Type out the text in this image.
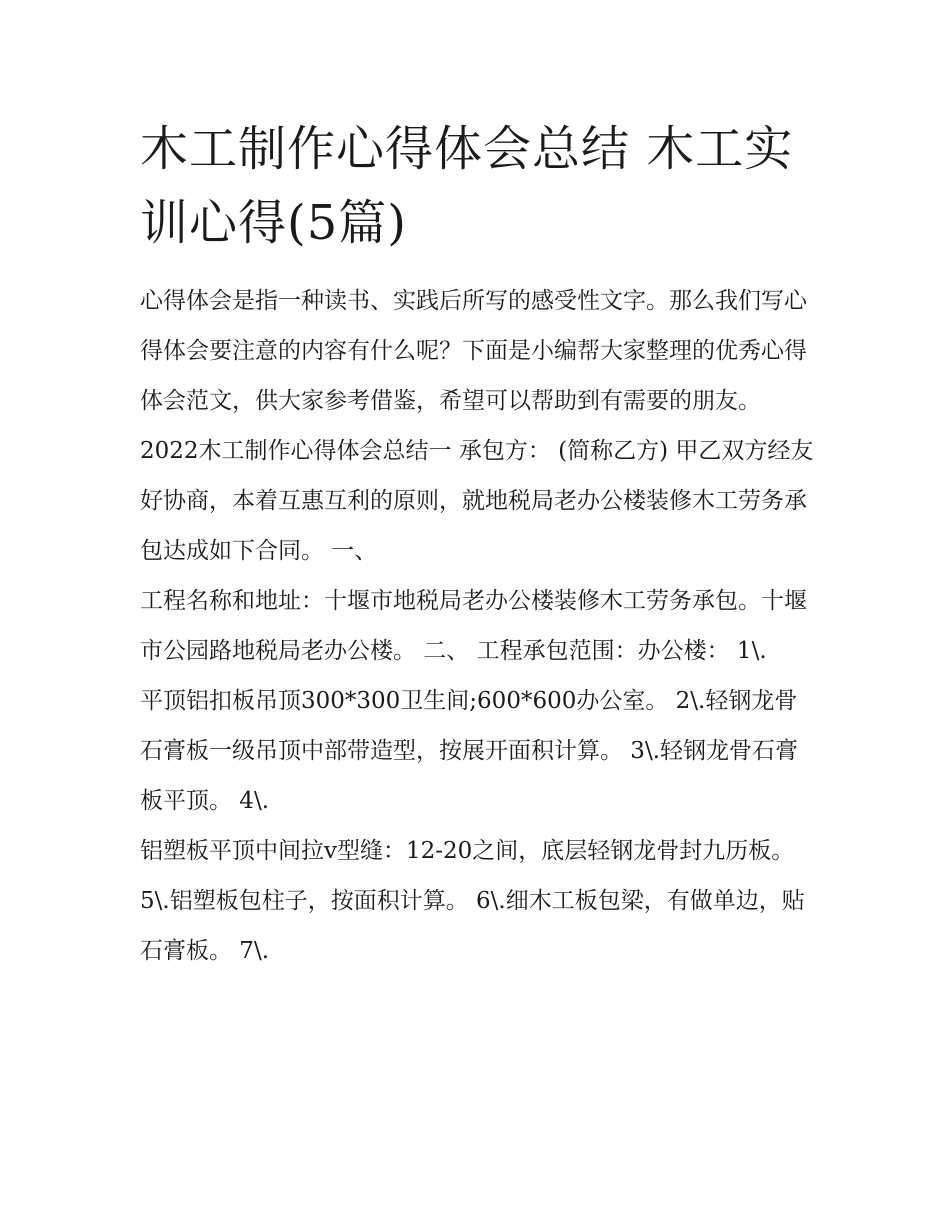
木工制作心得体会总结 木工实训心得(5篇)

心得体会是指一种读书、实践后所写的感受性文字。那么我们写心得体会要注意的内容有什么呢？下面是小编帮大家整理的优秀心得体会范文，供大家参考借鉴，希望可以帮助到有需要的朋友。

2022木工制作心得体会总结一 承包方： (简称乙方) 甲乙双方经友好协商，本着互惠互利的原则，就地税局老办公楼装修木工劳务承包达成如下合同。 一、

工程名称和地址：十堰市地税局老办公楼装修木工劳务承包。十堰市公园路地税局老办公楼。 二、 工程承包范围：办公楼： 1\.

平顶铝扣板吊顶300*300卫生间;600*600办公室。 2\.轻钢龙骨石膏板一级吊顶中部带造型，按展开面积计算。 3\.轻钢龙骨石膏板平顶。 4\.

铝塑板平顶中间拉v型缝：12-20之间，底层轻钢龙骨封九历板。 5\.铝塑板包柱子，按面积计算。 6\.细木工板包梁，有做单边，贴石膏板。 7\.
